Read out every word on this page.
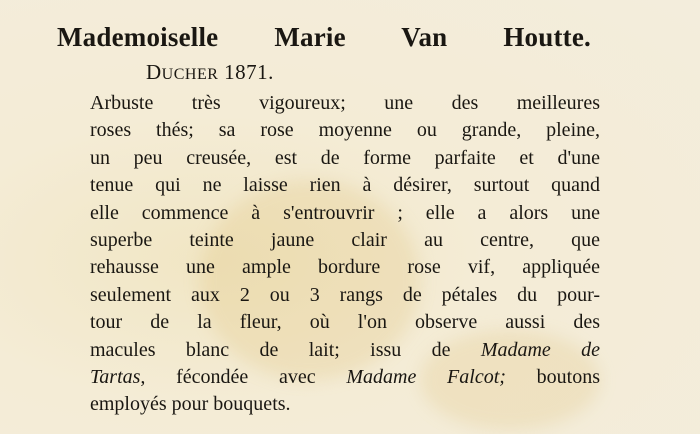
Mademoiselle Marie Van Houtte.
DUCHER 1871.
Arbuste très vigoureux; une des meilleures
roses thés; sa rose moyenne ou grande, pleine,
un peu creusée, est de forme parfaite et d'une
tenue qui ne laisse rien à désirer, surtout quand
elle commence à s'entrouvrir ; elle a alors une
superbe teinte jaune clair au centre, que
rehausse une ample bordure rose vif, appliquée
seulement aux 2 ou 3 rangs de pétales du pour-
tour de la fleur, où l'on observe aussi des
macules blanc de lait; issu de Madame de
Tartas, fécondée avec Madame Falcot; boutons
employés pour bouquets.
